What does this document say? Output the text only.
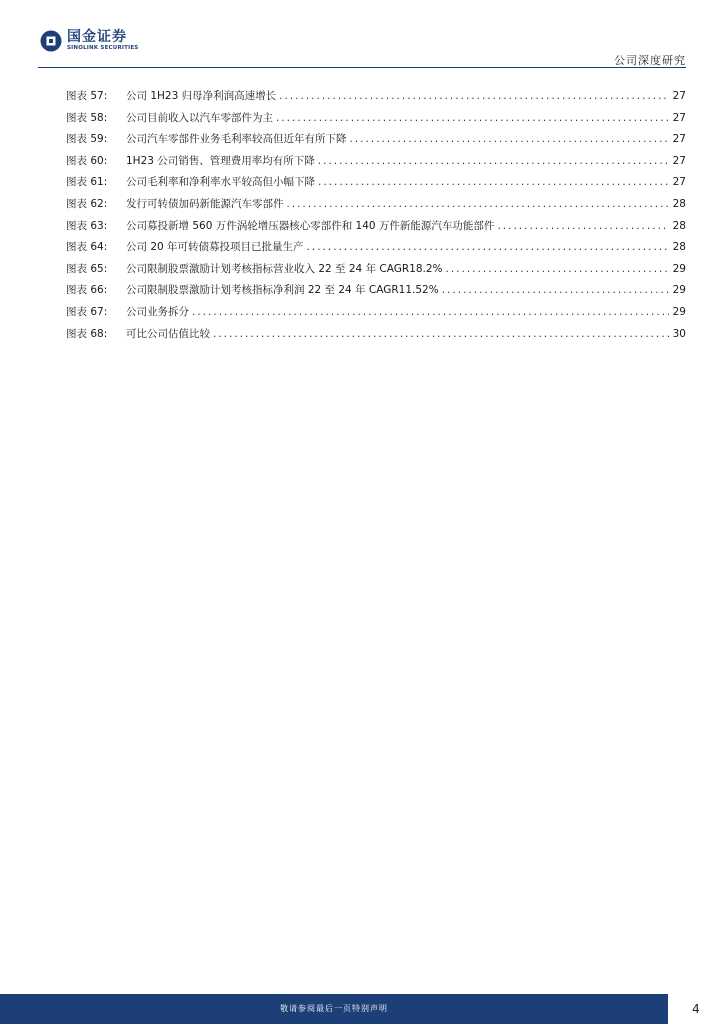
国金证券
SINOLINK SECURITIES
公司深度研究
图表 57:	公司 1H23 归母净利润高速增长 .....	27
图表 58:	公司目前收入以汽车零部件为主 .....	27
图表 59:	公司汽车零部件业务毛利率较高但近年有所下降 .....	27
图表 60:	1H23 公司销售、管理费用率均有所下降 .....	27
图表 61:	公司毛利率和净利率水平较高但小幅下降 .....	27
图表 62:	发行可转债加码新能源汽车零部件 .....	28
图表 63:	公司募投新增 560 万件涡轮增压器核心零部件和 140 万件新能源汽车功能部件 .....	28
图表 64:	公司 20 年可转债募投项目已批量生产 .....	28
图表 65:	公司限制股票激励计划考核指标营业收入 22 至 24 年 CAGR18.2% .....	29
图表 66:	公司限制股票激励计划考核指标净利润 22 至 24 年 CAGR11.52% .....	29
图表 67:	公司业务拆分 .....	29
图表 68:	可比公司估值比较 .....	30
敬请参阅最后一页特别声明	4
